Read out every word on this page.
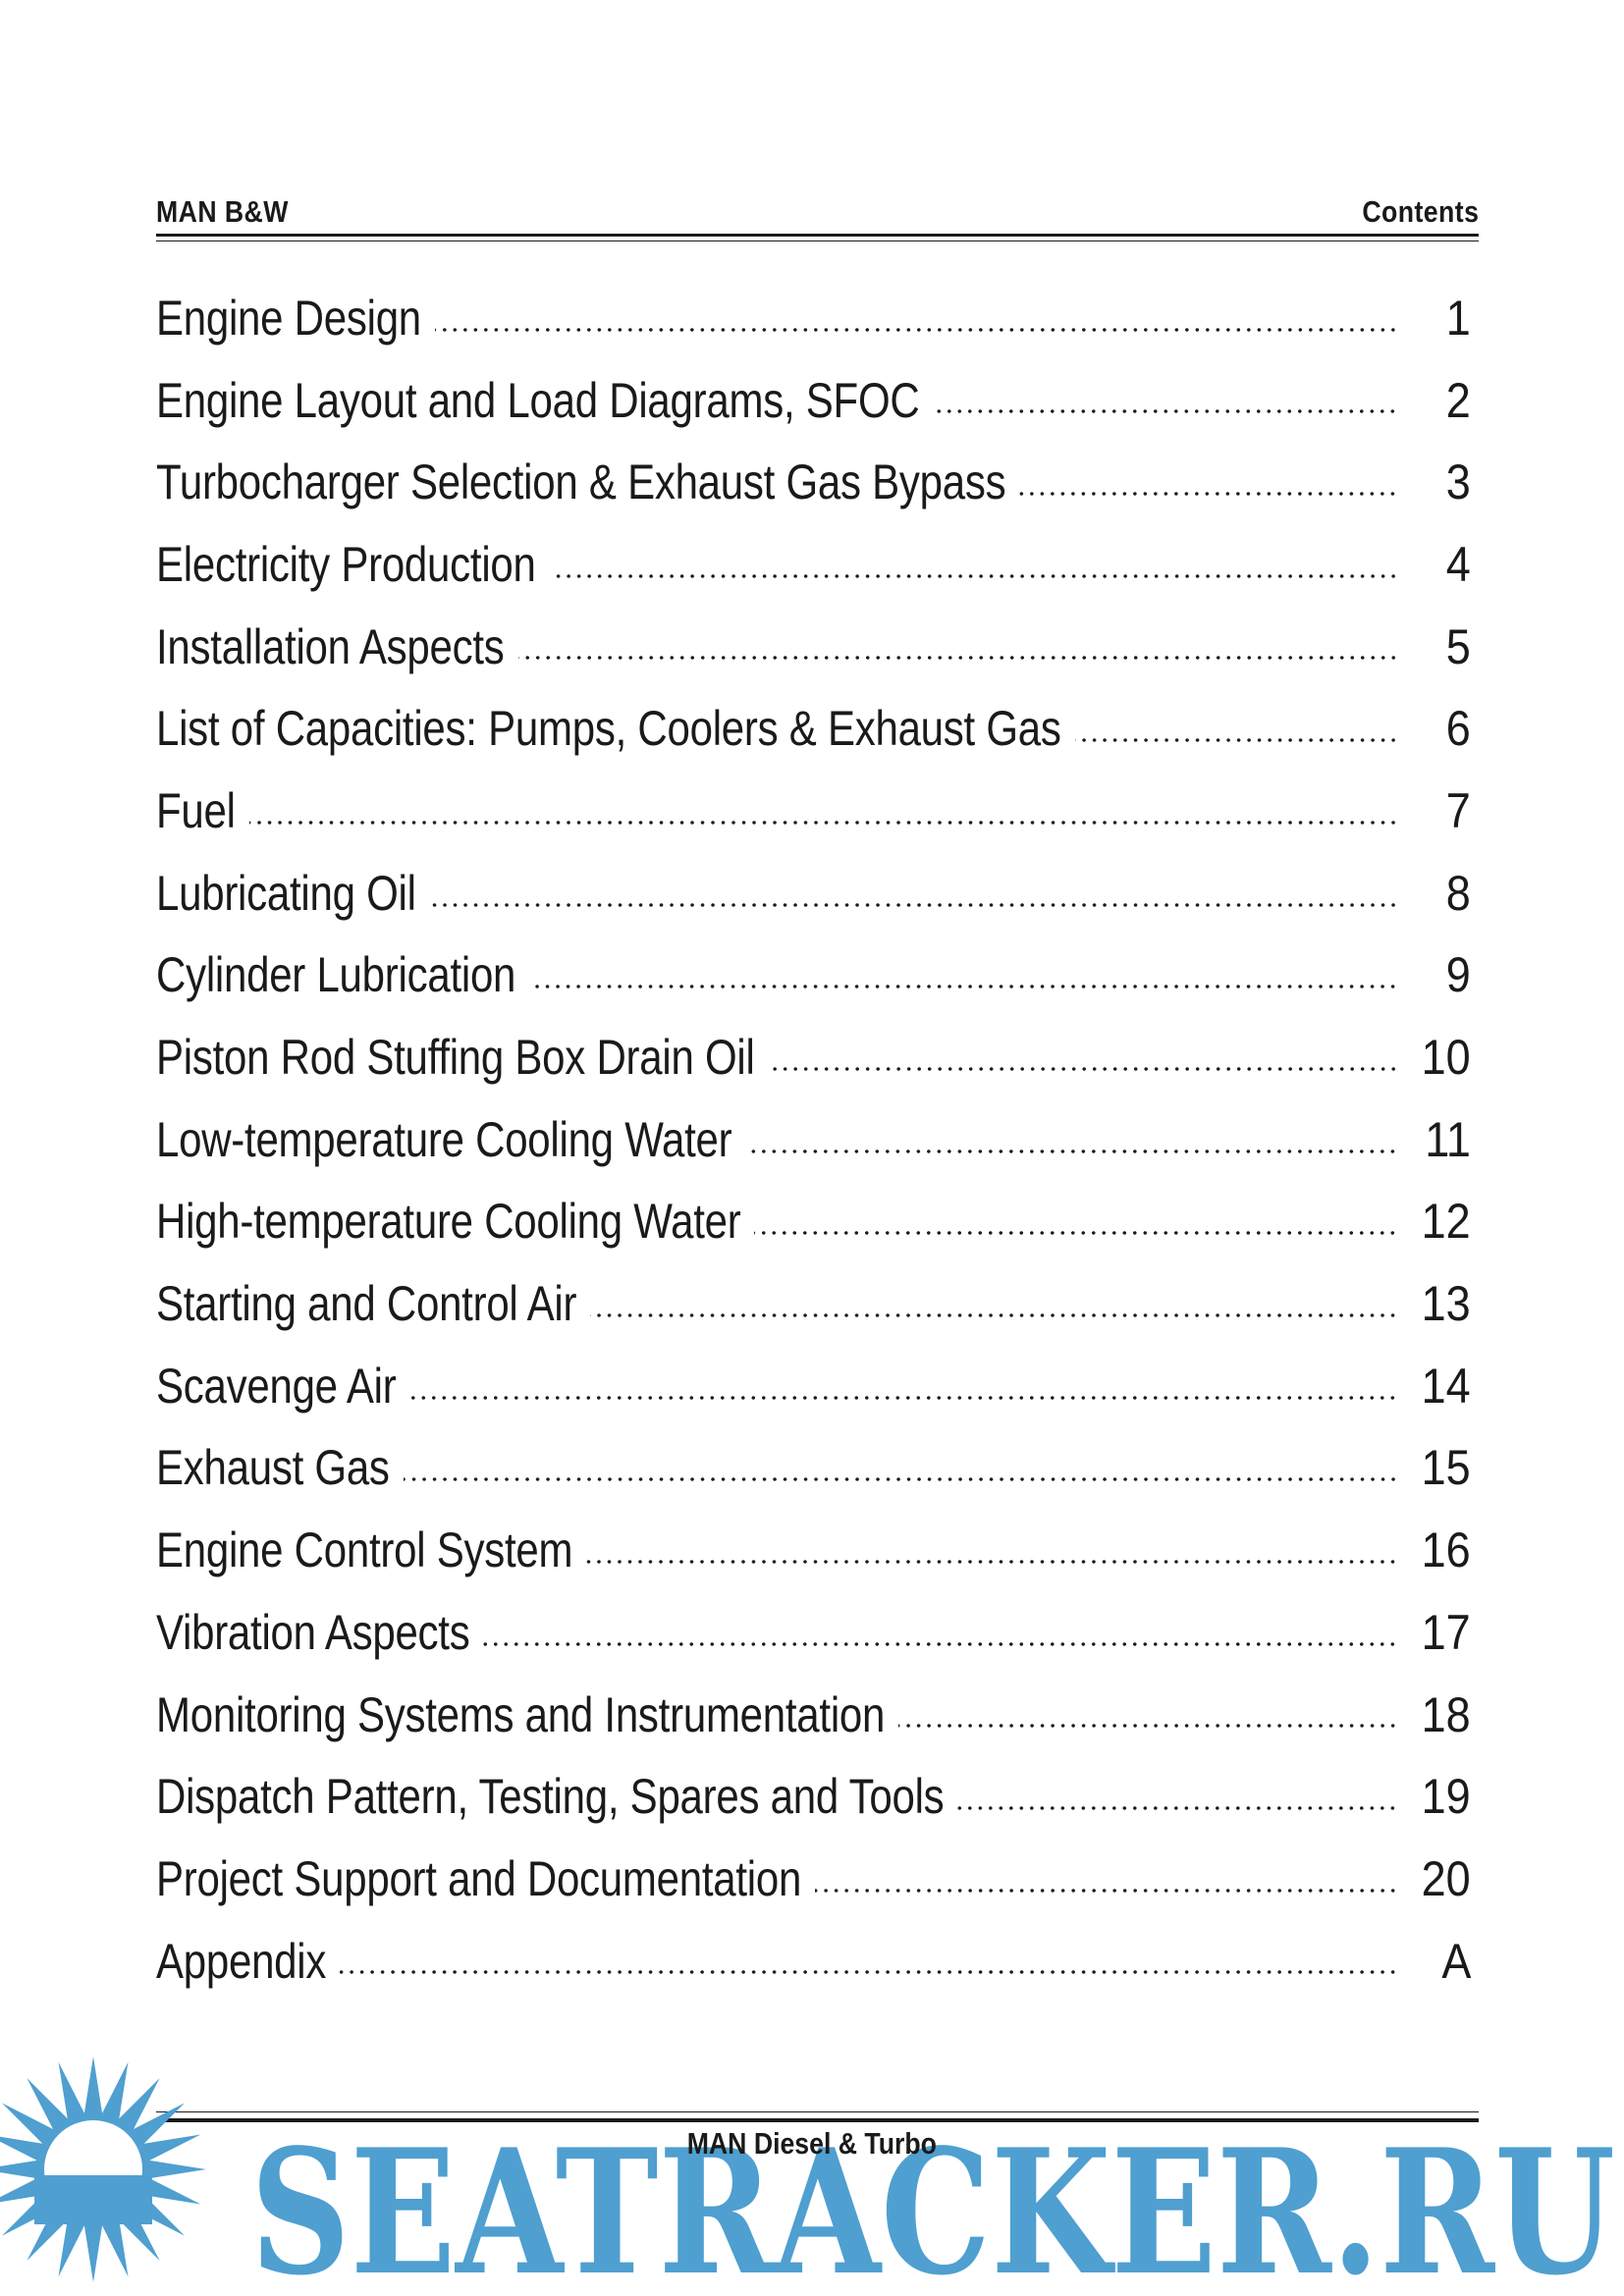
MAN B&W	Contents
Engine Design	1
Engine Layout and Load Diagrams, SFOC	2
Turbocharger Selection & Exhaust Gas Bypass	3
Electricity Production	4
Installation Aspects	5
List of Capacities: Pumps, Coolers & Exhaust Gas	6
Fuel	7
Lubricating Oil	8
Cylinder Lubrication	9
Piston Rod Stuffing Box Drain Oil	10
Low-temperature Cooling Water	11
High-temperature Cooling Water	12
Starting and Control Air	13
Scavenge Air	14
Exhaust Gas	15
Engine Control System	16
Vibration Aspects	17
Monitoring Systems and Instrumentation	18
Dispatch Pattern, Testing, Spares and Tools	19
Project Support and Documentation	20
Appendix	A
MAN Diesel & Turbo
SEATRACKER.RU
